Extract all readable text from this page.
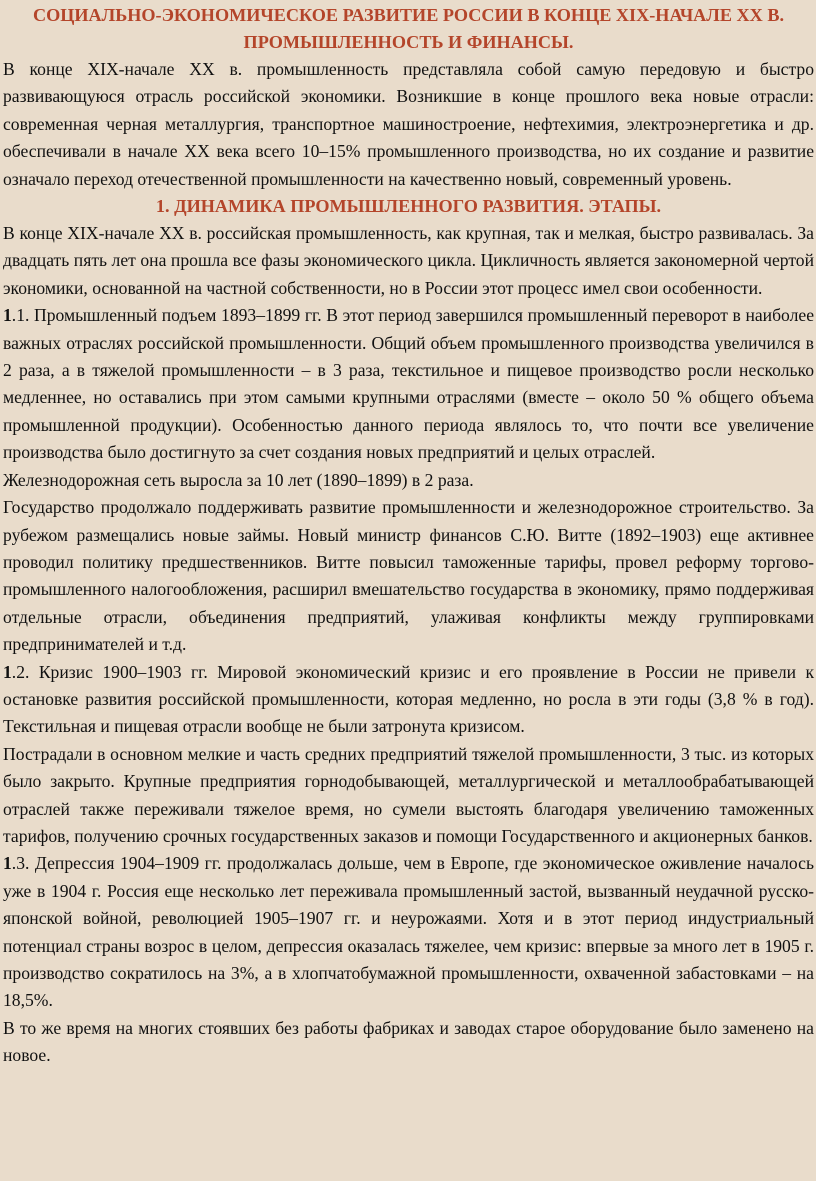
СОЦИАЛЬНО-ЭКОНОМИЧЕСКОЕ РАЗВИТИЕ РОССИИ В КОНЦЕ XIX-НАЧАЛЕ XX В. ПРОМЫШЛЕННОСТЬ И ФИНАНСЫ.

В конце XIX-начале XX в. промышленность представляла собой самую передовую и быстро развивающуюся отрасль российской экономики. Возникшие в конце прошлого века новые отрасли: современная черная металлургия, транспортное машиностроение, нефтехимия, электроэнергетика и др. обеспечивали в начале XX века всего 10–15% промышленного производства, но их создание и развитие означало переход отечественной промышленности на качественно новый, современный уровень.

1. ДИНАМИКА ПРОМЫШЛЕННОГО РАЗВИТИЯ. ЭТАПЫ.

В конце XIX-начале XX в. российская промышленность, как крупная, так и мелкая, быстро развивалась. За двадцать пять лет она прошла все фазы экономического цикла. Цикличность является закономерной чертой экономики, основанной на частной собственности, но в России этот процесс имел свои особенности.

1.1. Промышленный подъем 1893–1899 гг. В этот период завершился промышленный переворот в наиболее важных отраслях российской промышленности. Общий объем промышленного производства увеличился в 2 раза, а в тяжелой промышленности – в 3 раза, текстильное и пищевое производство росли несколько медленнее, но оставались при этом самыми крупными отраслями (вместе – около 50 % общего объема промышленной продукции). Особенностью данного периода являлось то, что почти все увеличение производства было достигнуто за счет создания новых предприятий и целых отраслей.

Железнодорожная сеть выросла за 10 лет (1890–1899) в 2 раза.

Государство продолжало поддерживать развитие промышленности и железнодорожное строительство. За рубежом размещались новые займы. Новый министр финансов С.Ю. Витте (1892–1903) еще активнее проводил политику предшественников. Витте повысил таможенные тарифы, провел реформу торгово-промышленного налогообложения, расширил вмешательство государства в экономику, прямо поддерживая отдельные отрасли, объединения предприятий, улаживая конфликты между группировками предпринимателей и т.д.

1.2. Кризис 1900–1903 гг. Мировой экономический кризис и его проявление в России не привели к остановке развития российской промышленности, которая медленно, но росла в эти годы (3,8 % в год). Текстильная и пищевая отрасли вообще не были затронута кризисом.

Пострадали в основном мелкие и часть средних предприятий тяжелой промышленности, 3 тыс. из которых было закрыто. Крупные предприятия горнодобывающей, металлургической и металлообрабатывающей отраслей также переживали тяжелое время, но сумели выстоять благодаря увеличению таможенных тарифов, получению срочных государственных заказов и помощи Государственного и акционерных банков.

1.3. Депрессия 1904–1909 гг. продолжалась дольше, чем в Европе, где экономическое оживление началось уже в 1904 г. Россия еще несколько лет переживала промышленный застой, вызванный неудачной русско-японской войной, революцией 1905–1907 гг. и неурожаями. Хотя и в этот период индустриальный потенциал страны возрос в целом, депрессия оказалась тяжелее, чем кризис: впервые за много лет в 1905 г. производство сократилось на 3%, а в хлопчатобумажной промышленности, охваченной забастовками – на 18,5%.

В то же время на многих стоявших без работы фабриках и заводах старое оборудование было заменено на новое.
